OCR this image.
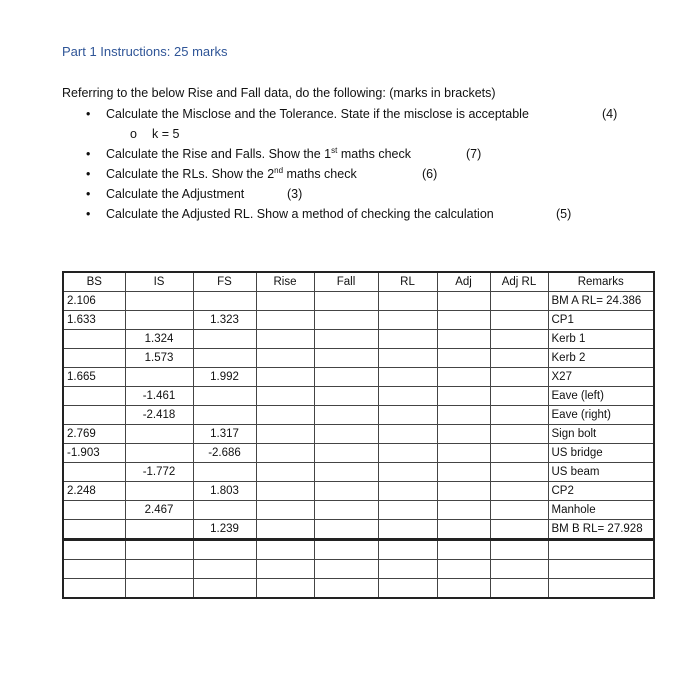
Part 1 Instructions: 25 marks
Referring to the below Rise and Fall data, do the following: (marks in brackets)
• Calculate the Misclose and the Tolerance. State if the misclose is acceptable	(4)
o k = 5
• Calculate the Rise and Falls. Show the 1st maths check	(7)
• Calculate the RLs. Show the 2nd maths check	(6)
• Calculate the Adjustment	(3)
• Calculate the Adjusted RL. Show a method of checking the calculation	(5)
BS	IS	FS	Rise	Fall	RL	Adj	Adj RL	Remarks
2.106								BM A RL= 24.386
1.633		1.323						CP1
	1.324							Kerb 1
	1.573							Kerb 2
1.665		1.992						X27
	-1.461							Eave (left)
	-2.418							Eave (right)
2.769		1.317						Sign bolt
-1.903		-2.686						US bridge
	-1.772							US beam
2.248		1.803						CP2
	2.467							Manhole
		1.239						BM B RL= 27.928
